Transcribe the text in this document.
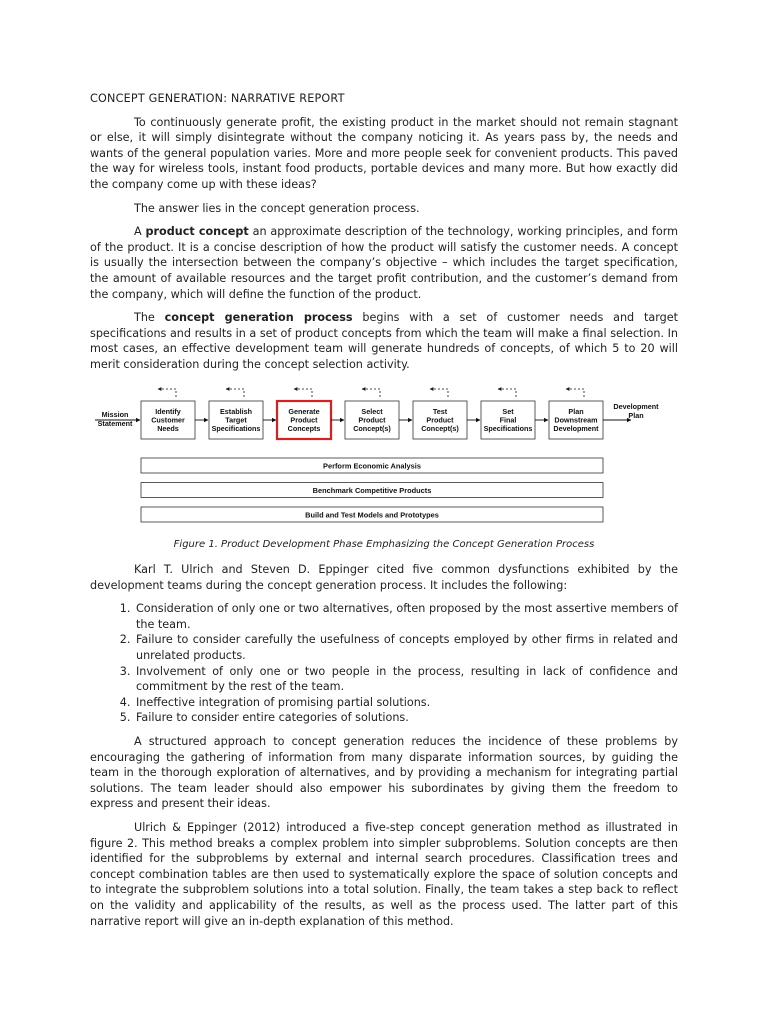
CONCEPT GENERATION: NARRATIVE REPORT

To continuously generate profit, the existing product in the market should not remain stagnant or else, it will simply disintegrate without the company noticing it. As years pass by, the needs and wants of the general population varies. More and more people seek for convenient products. This paved the way for wireless tools, instant food products, portable devices and many more. But how exactly did the company come up with these ideas?

The answer lies in the concept generation process.

A product concept an approximate description of the technology, working principles, and form of the product. It is a concise description of how the product will satisfy the customer needs. A concept is usually the intersection between the company’s objective – which includes the target specification, the amount of available resources and the target profit contribution, and the customer’s demand from the company, which will define the function of the product.

The concept generation process begins with a set of customer needs and target specifications and results in a set of product concepts from which the team will make a final selection. In most cases, an effective development team will generate hundreds of concepts, of which 5 to 20 will merit consideration during the concept selection activity.

Mission
Statement
Identify
Customer
Needs
Establish
Target
Specifications
Generate
Product
Concepts
Select
Product
Concept(s)
Test
Product
Concept(s)
Set
Final
Specifications
Plan
Downstream
Development
Development
Plan
Perform Economic Analysis
Benchmark Competitive Products
Build and Test Models and Prototypes

Figure 1. Product Development Phase Emphasizing the Concept Generation Process

Karl T. Ulrich and Steven D. Eppinger cited five common dysfunctions exhibited by the development teams during the concept generation process. It includes the following:

1. Consideration of only one or two alternatives, often proposed by the most assertive members of the team.
2. Failure to consider carefully the usefulness of concepts employed by other firms in related and unrelated products.
3. Involvement of only one or two people in the process, resulting in lack of confidence and commitment by the rest of the team.
4. Ineffective integration of promising partial solutions.
5. Failure to consider entire categories of solutions.

A structured approach to concept generation reduces the incidence of these problems by encouraging the gathering of information from many disparate information sources, by guiding the team in the thorough exploration of alternatives, and by providing a mechanism for integrating partial solutions. The team leader should also empower his subordinates by giving them the freedom to express and present their ideas.

Ulrich & Eppinger (2012) introduced a five-step concept generation method as illustrated in figure 2. This method breaks a complex problem into simpler subproblems. Solution concepts are then identified for the subproblems by external and internal search procedures. Classification trees and concept combination tables are then used to systematically explore the space of solution concepts and to integrate the subproblem solutions into a total solution. Finally, the team takes a step back to reflect on the validity and applicability of the results, as well as the process used. The latter part of this narrative report will give an in-depth explanation of this method.
